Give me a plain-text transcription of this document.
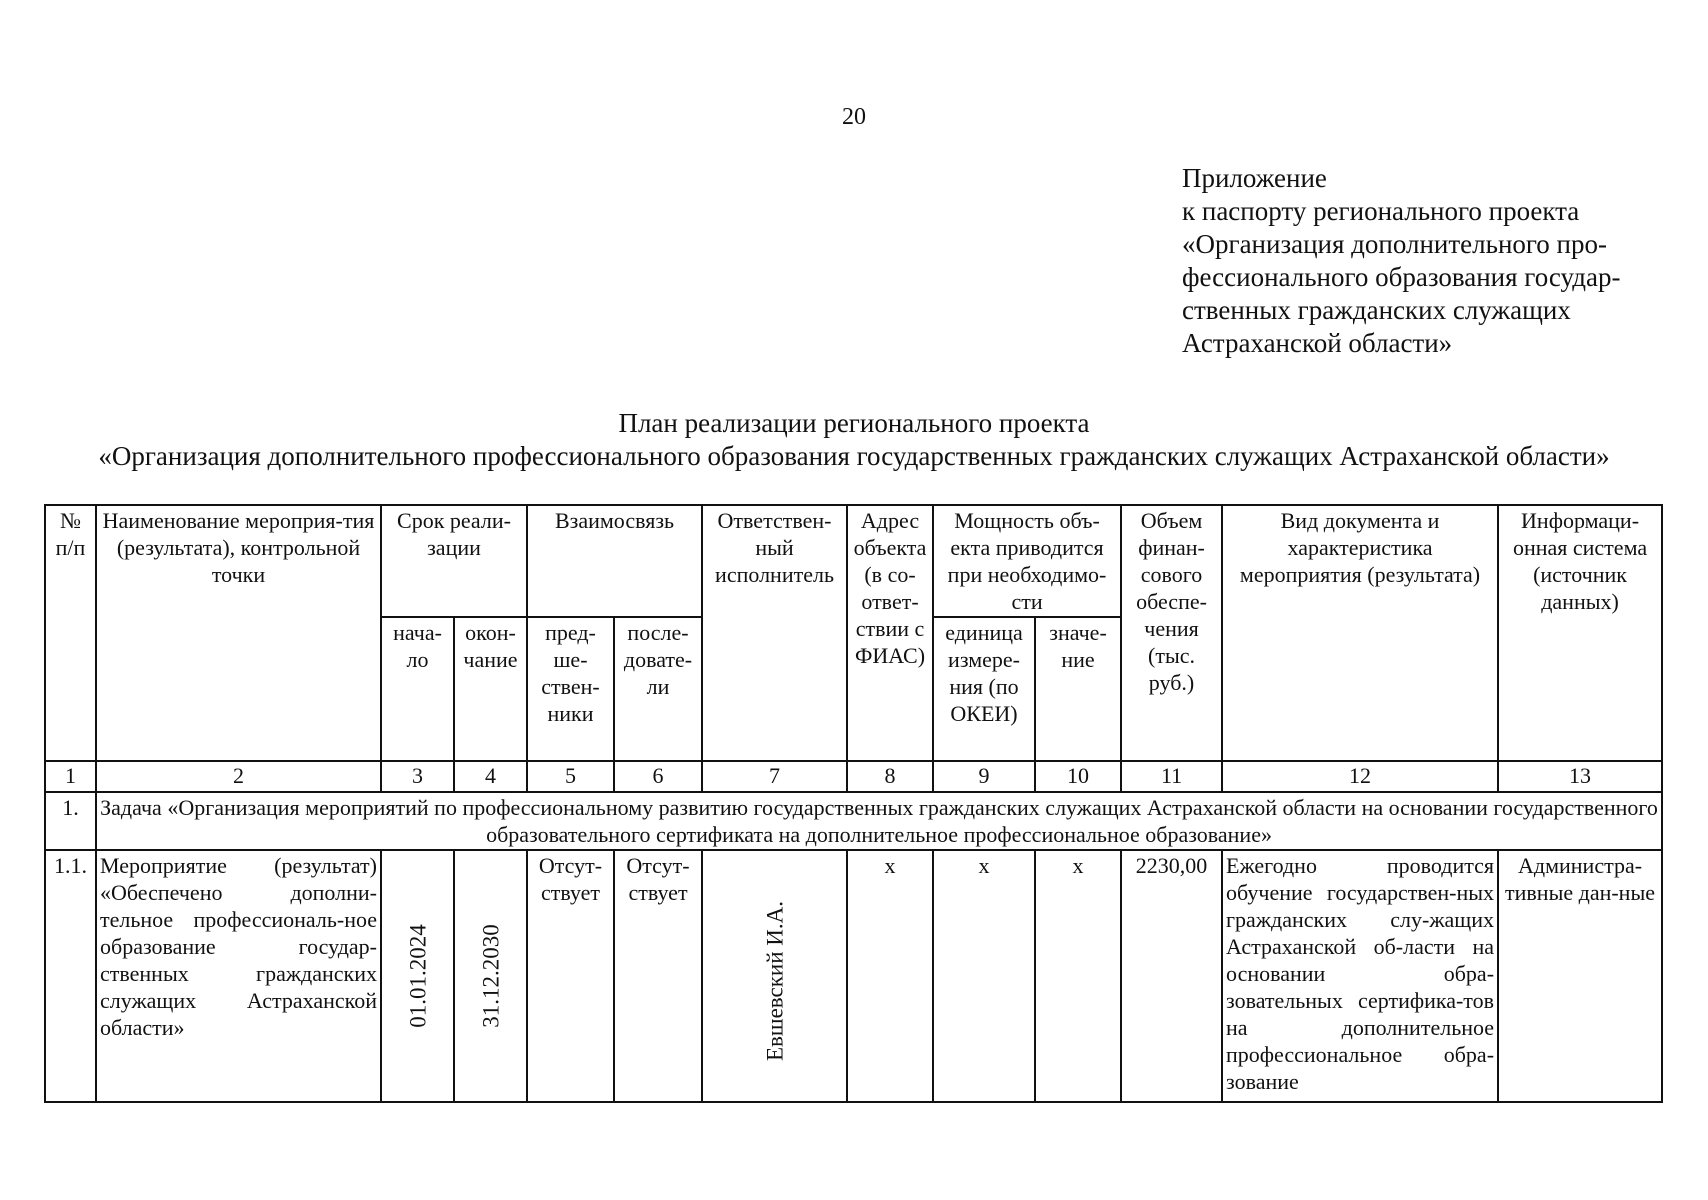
20
Приложение
к паспорту регионального проекта
«Организация дополнительного про-
фессионального образования государ-
ственных гражданских служащих
Астраханской области»
План реализации регионального проекта
«Организация дополнительного профессионального образования государственных гражданских служащих Астраханской области»
№ п/п	Наименование мероприя-тия (результата), контрольной точки	Срок реали-зации		Взаимосвязь		Ответствен-ный исполнитель	Адрес объекта (в со-ответ-ствии с ФИАС)	Мощность объ-екта приводится при необходимо-сти		Объем финан-сового обеспе-чения (тыс. руб.)	Вид документа и характеристика мероприятия (результата)	Информаци-онная система (источник данных)
		нача-ло	окон-чание	пред-ше-ствен-ники	после-довате-ли			единица измере-ния (по ОКЕИ)	значе-ние			
1	2	3	4	5	6	7	8	9	10	11	12	13
1.	Задача «Организация мероприятий по профессиональному развитию государственных гражданских служащих Астраханской области на основании государственного образовательного сертификата на дополнительное профессиональное образование»											
1.1.	Мероприятие (результат) «Обеспечено дополни-тельное профессиональ-ное образование государ-ственных гражданских служащих Астраханской области»	01.01.2024	31.12.2030	Отсут-ствует	Отсут-ствует	Евшевский И.А.	x	x	x	2230,00	Ежегодно проводится обучение государствен-ных гражданских слу-жащих Астраханской об-ласти на основании обра-зовательных сертифика-тов на дополнительное профессиональное обра-зование	Администра-тивные дан-ные
